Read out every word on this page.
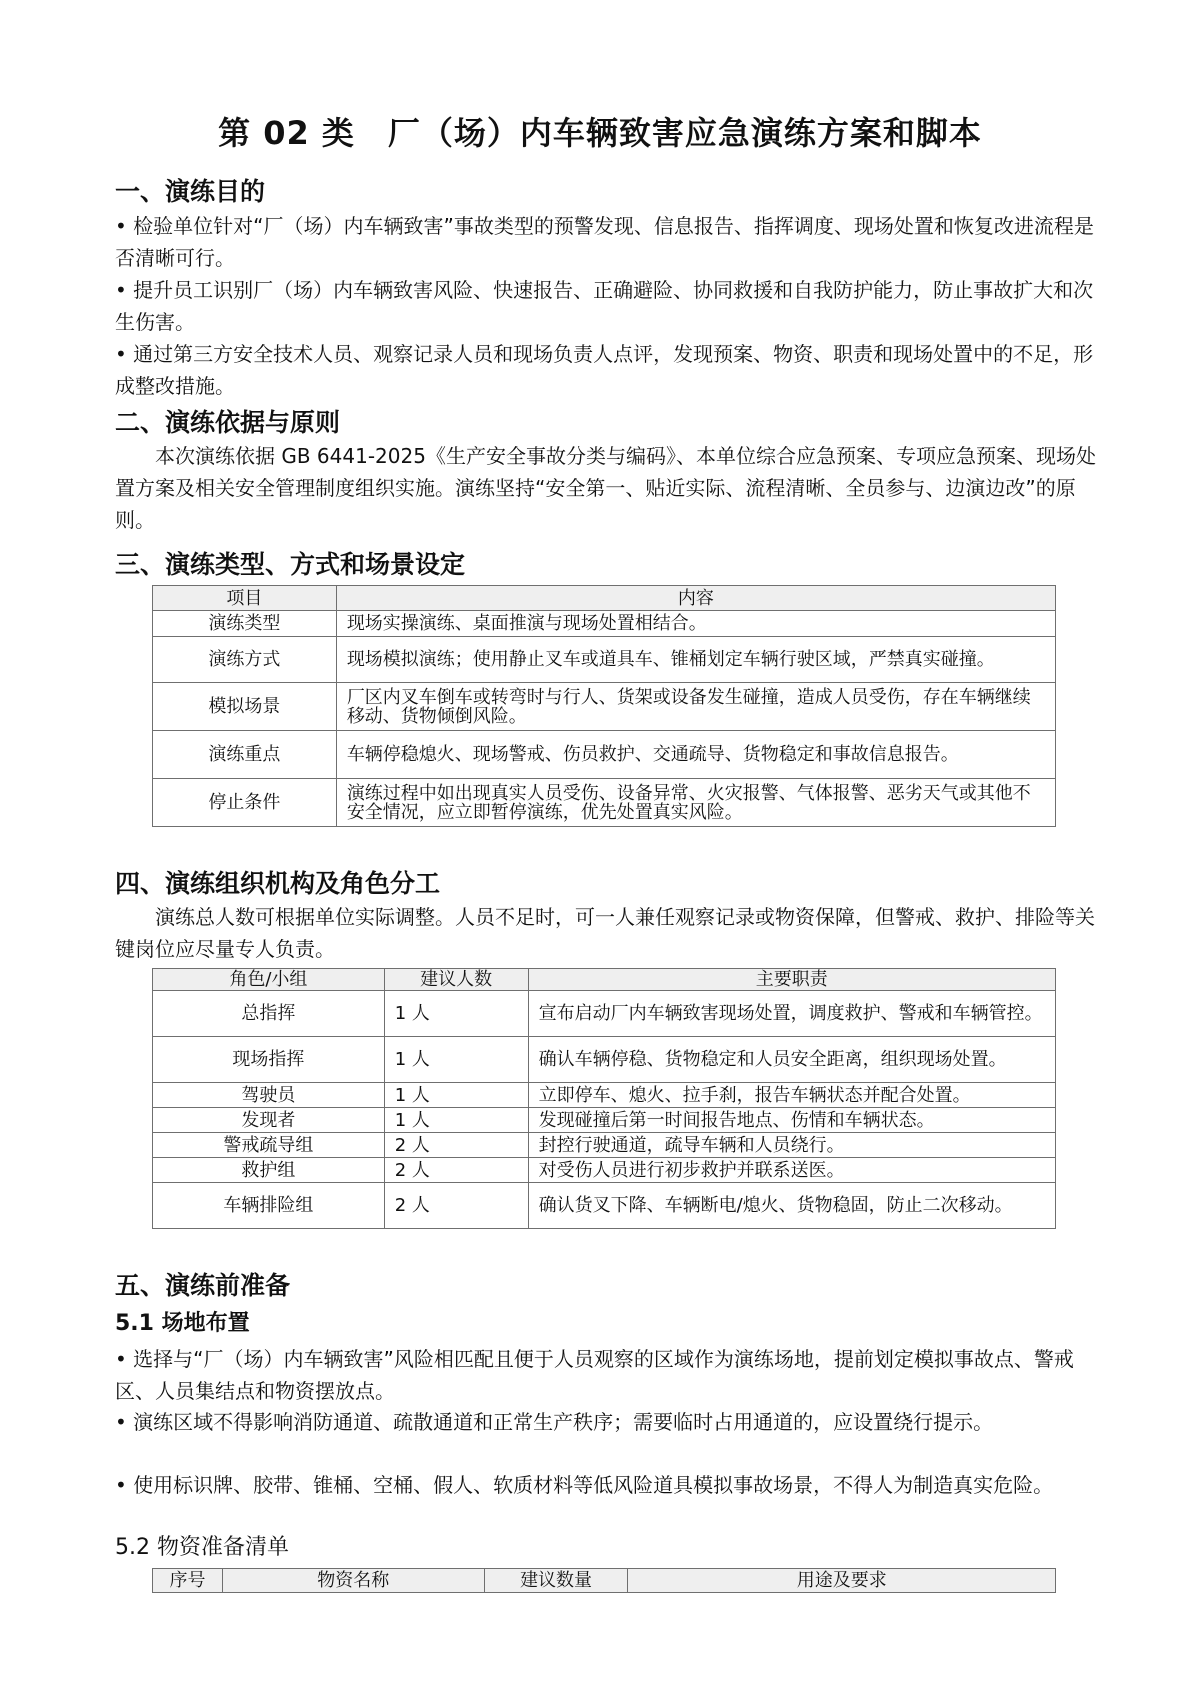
第 02 类　厂（场）内车辆致害应急演练方案和脚本
一、演练目的

• 检验单位针对“厂（场）内车辆致害”事故类型的预警发现、信息报告、指挥调度、现场处置和恢复改进流程是否清晰可行。

• 提升员工识别厂（场）内车辆致害风险、快速报告、正确避险、协同救援和自我防护能力，防止事故扩大和次生伤害。

• 通过第三方安全技术人员、观察记录人员和现场负责人点评，发现预案、物资、职责和现场处置中的不足，形成整改措施。

二、演练依据与原则

本次演练依据 GB 6441-2025《生产安全事故分类与编码》、本单位综合应急预案、专项应急预案、现场处置方案及相关安全管理制度组织实施。演练坚持“安全第一、贴近实际、流程清晰、全员参与、边演边改”的原则。

三、演练类型、方式和场景设定
项目	内容
演练类型	现场实操演练、桌面推演与现场处置相结合。
演练方式	现场模拟演练；使用静止叉车或道具车、锥桶划定车辆行驶区域，严禁真实碰撞。
模拟场景	厂区内叉车倒车或转弯时与行人、货架或设备发生碰撞，造成人员受伤，存在车辆继续移动、货物倾倒风险。
演练重点	车辆停稳熄火、现场警戒、伤员救护、交通疏导、货物稳定和事故信息报告。
停止条件	演练过程中如出现真实人员受伤、设备异常、火灾报警、气体报警、恶劣天气或其他不安全情况，应立即暂停演练，优先处置真实风险。
四、演练组织机构及角色分工

演练总人数可根据单位实际调整。人员不足时，可一人兼任观察记录或物资保障，但警戒、救护、排险等关键岗位应尽量专人负责。

角色/小组	建议人数	主要职责
总指挥	1 人	宣布启动厂内车辆致害现场处置，调度救护、警戒和车辆管控。
现场指挥	1 人	确认车辆停稳、货物稳定和人员安全距离，组织现场处置。
驾驶员	1 人	立即停车、熄火、拉手刹，报告车辆状态并配合处置。
发现者	1 人	发现碰撞后第一时间报告地点、伤情和车辆状态。
警戒疏导组	2 人	封控行驶通道，疏导车辆和人员绕行。
救护组	2 人	对受伤人员进行初步救护并联系送医。
车辆排险组	2 人	确认货叉下降、车辆断电/熄火、货物稳固，防止二次移动。
五、演练前准备
5.1 场地布置

• 选择与“厂（场）内车辆致害”风险相匹配且便于人员观察的区域作为演练场地，提前划定模拟事故点、警戒区、人员集结点和物资摆放点。

• 演练区域不得影响消防通道、疏散通道和正常生产秩序；需要临时占用通道的，应设置绕行提示。

• 使用标识牌、胶带、锥桶、空桶、假人、软质材料等低风险道具模拟事故场景，不得人为制造真实危险。

5.2 物资准备清单
序号	物资名称	建议数量	用途及要求
